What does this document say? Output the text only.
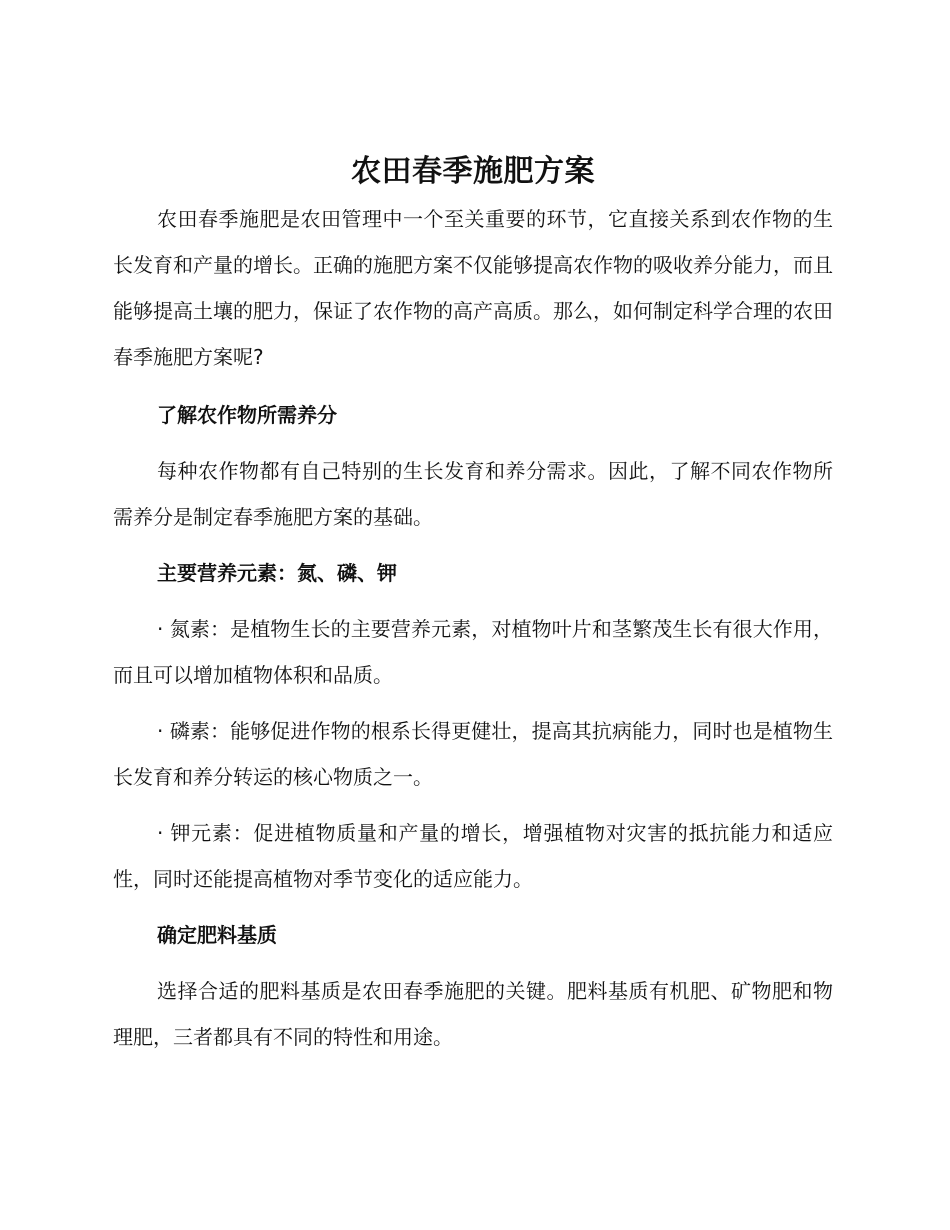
农田春季施肥方案

农田春季施肥是农田管理中一个至关重要的环节，它直接关系到农作物的生长发育和产量的增长。正确的施肥方案不仅能够提高农作物的吸收养分能力，而且能够提高土壤的肥力，保证了农作物的高产高质。那么，如何制定科学合理的农田春季施肥方案呢?

了解农作物所需养分

每种农作物都有自己特别的生长发育和养分需求。因此，了解不同农作物所需养分是制定春季施肥方案的基础。

主要营养元素：氮、磷、钾

· 氮素：是植物生长的主要营养元素，对植物叶片和茎繁茂生长有很大作用，而且可以增加植物体积和品质。

· 磷素：能够促进作物的根系长得更健壮，提高其抗病能力，同时也是植物生长发育和养分转运的核心物质之一。

· 钾元素：促进植物质量和产量的增长，增强植物对灾害的抵抗能力和适应性，同时还能提高植物对季节变化的适应能力。

确定肥料基质

选择合适的肥料基质是农田春季施肥的关键。肥料基质有机肥、矿物肥和物理肥，三者都具有不同的特性和用途。
